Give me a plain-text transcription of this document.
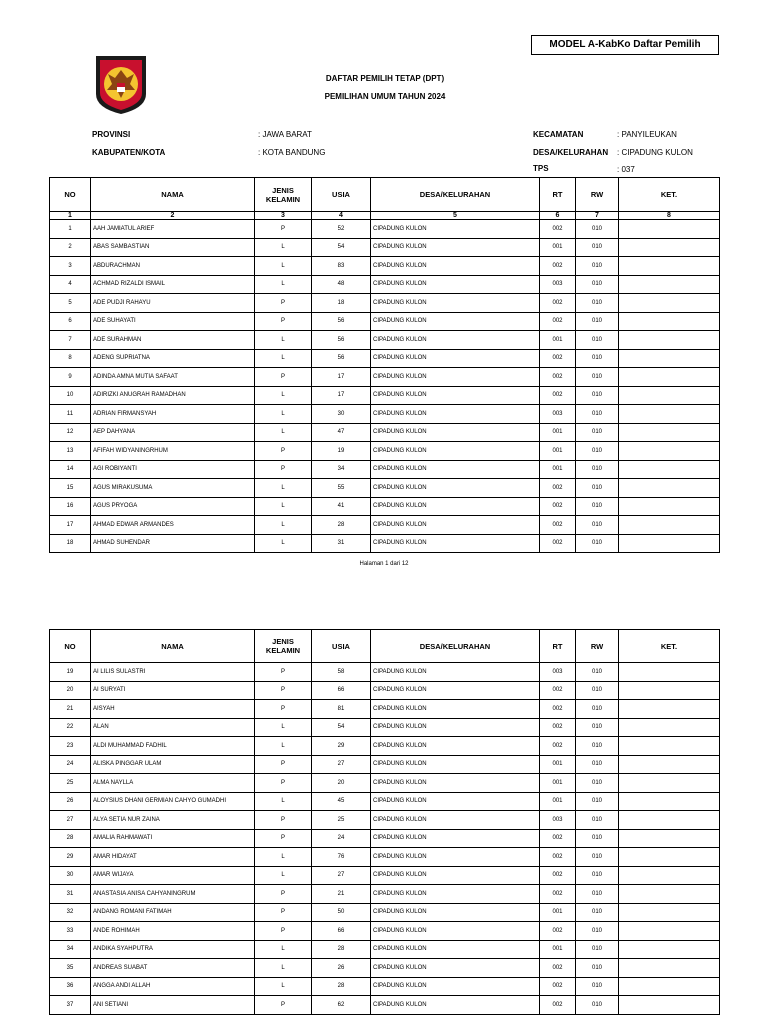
MODEL A-KabKo Daftar Pemilih
DAFTAR PEMILIH TETAP (DPT)
PEMILIHAN UMUM TAHUN 2024
PROVINSI	: JAWA BARAT
KABUPATEN/KOTA	: KOTA BANDUNG
KECAMATAN	: PANYILEUKAN
DESA/KELURAHAN : CIPADUNG KULON
TPS	: 037
NO	NAMA	JENIS
KELAMIN	USIA	DESA/KELURAHAN	RT	RW	KET.
1	2	3	4	5	6	7	8
1	AAH JAMIATUL ARIEF	P	52	CIPADUNG KULON	002	010	
2	ABAS SAMBASTIAN	L	54	CIPADUNG KULON	001	010	
3	ABDURACHMAN	L	83	CIPADUNG KULON	002	010	
4	ACHMAD RIZALDI ISMAIL	L	48	CIPADUNG KULON	003	010	
5	ADE PUDJI RAHAYU	P	18	CIPADUNG KULON	002	010	
6	ADE SUHAYATI	P	56	CIPADUNG KULON	002	010	
7	ADE SURAHMAN	L	56	CIPADUNG KULON	001	010	
8	ADENG SUPRIATNA	L	56	CIPADUNG KULON	002	010	
9	ADINDA AMNA MUTIA SAFAAT	P	17	CIPADUNG KULON	002	010	
10	ADIRIZKI ANUGRAH RAMADHAN	L	17	CIPADUNG KULON	002	010	
11	ADRIAN FIRMANSYAH	L	30	CIPADUNG KULON	003	010	
12	AEP DAHYANA	L	47	CIPADUNG KULON	001	010	
13	AFIFAH WIDYANINGRHUM	P	19	CIPADUNG KULON	001	010	
14	AGI ROBIYANTI	P	34	CIPADUNG KULON	001	010	
15	AGUS MIRAKUSUMA	L	55	CIPADUNG KULON	002	010	
16	AGUS PRYOGA	L	41	CIPADUNG KULON	002	010	
17	AHMAD EDWAR ARMANDES	L	28	CIPADUNG KULON	002	010	
18	AHMAD SUHENDAR	L	31	CIPADUNG KULON	002	010	
Halaman 1 dari 12
NO	NAMA	JENIS
KELAMIN	USIA	DESA/KELURAHAN	RT	RW	KET.
19	AI LILIS SULASTRI	P	58	CIPADUNG KULON	003	010	
20	AI SURYATI	P	66	CIPADUNG KULON	002	010	
21	AISYAH	P	81	CIPADUNG KULON	002	010	
22	ALAN	L	54	CIPADUNG KULON	002	010	
23	ALDI MUHAMMAD FADHIL	L	29	CIPADUNG KULON	002	010	
24	ALISKA PINGGAR ULAM	P	27	CIPADUNG KULON	001	010	
25	ALMA NAYLLA	P	20	CIPADUNG KULON	001	010	
26	ALOYSIUS DHANI GERMIAN CAHYO GUMADHI	L	45	CIPADUNG KULON	001	010	
27	ALYA SETIA NUR ZAINA	P	25	CIPADUNG KULON	003	010	
28	AMALIA RAHMAWATI	P	24	CIPADUNG KULON	002	010	
29	AMAR HIDAYAT	L	76	CIPADUNG KULON	002	010	
30	AMAR WIJAYA	L	27	CIPADUNG KULON	002	010	
31	ANASTASIA ANISA CAHYANINGRUM	P	21	CIPADUNG KULON	002	010	
32	ANDANG ROMANI FATIMAH	P	50	CIPADUNG KULON	001	010	
33	ANDE ROHIMAH	P	66	CIPADUNG KULON	002	010	
34	ANDIKA SYAHPUTRA	L	28	CIPADUNG KULON	001	010	
35	ANDREAS SUABAT	L	26	CIPADUNG KULON	002	010	
36	ANGGA ANDI ALLAH	L	28	CIPADUNG KULON	002	010	
37	ANI SETIANI	P	62	CIPADUNG KULON	002	010	
